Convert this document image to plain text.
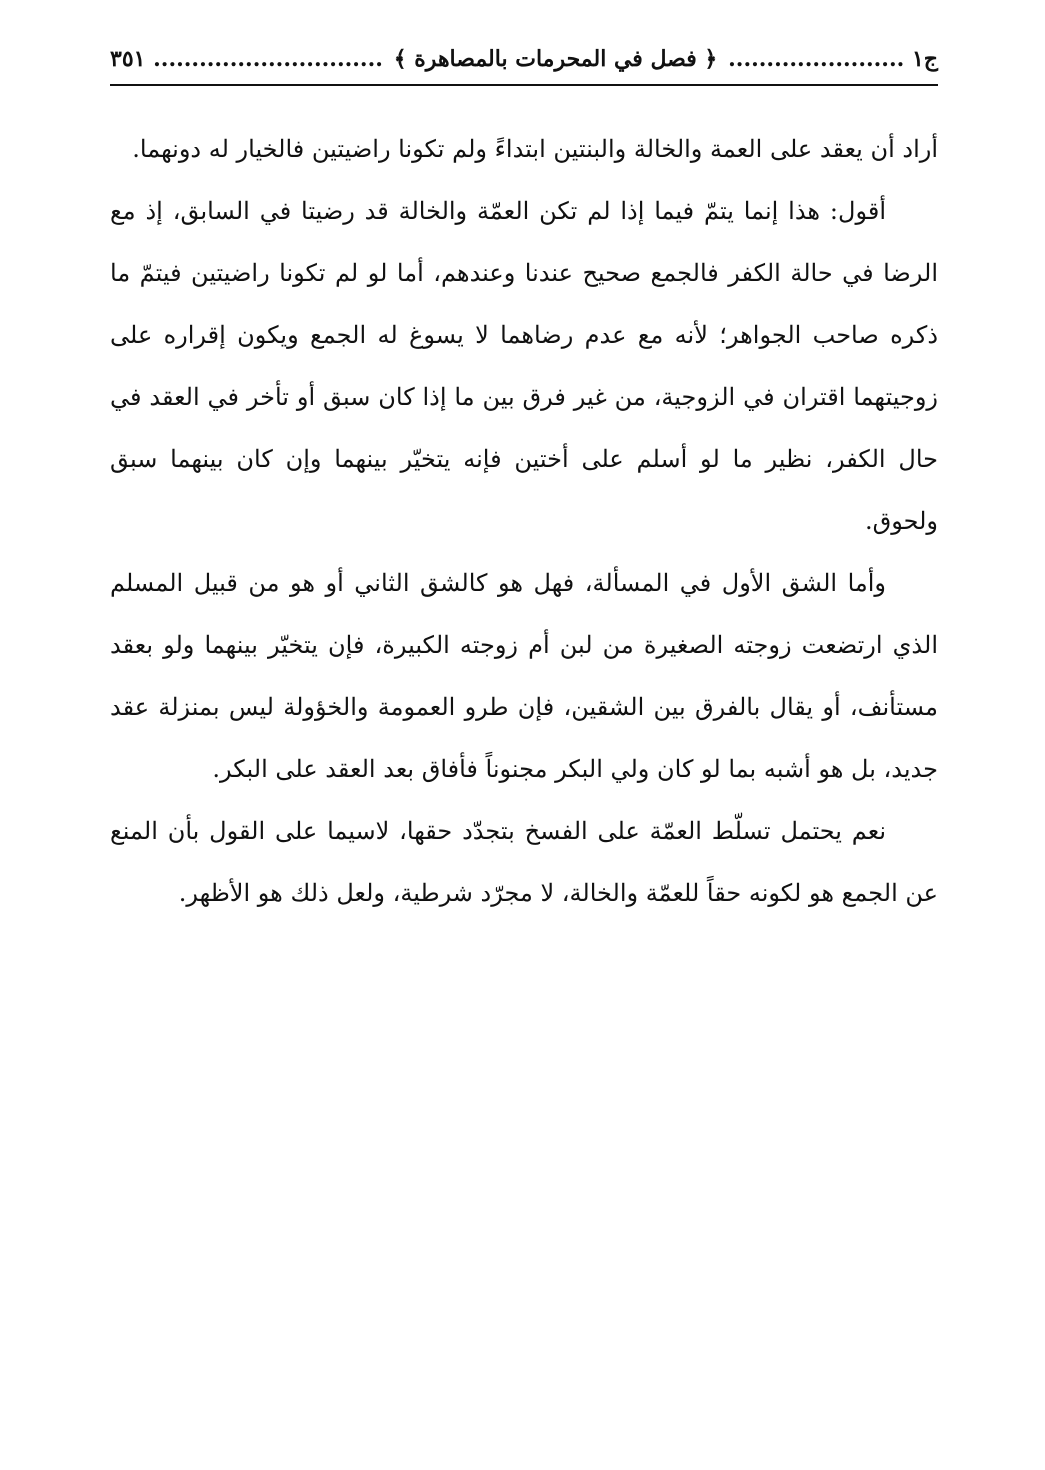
ج١ .......................
﴿ فصل في المحرمات بالمصاهرة ﴾
.............................. ٣٥١

أراد أن يعقد على العمة والخالة والبنتين ابتداءً ولم تكونا راضيتين فالخيار له دونهما.

أقول: هذا إنما يتمّ فيما إذا لم تكن العمّة والخالة قد رضيتا في السابق، إذ مع الرضا في حالة الكفر فالجمع صحيح عندنا وعندهم، أما لو لم تكونا راضيتين فيتمّ ما ذكره صاحب الجواهر؛ لأنه مع عدم رضاهما لا يسوغ له الجمع ويكون إقراره على زوجيتهما اقتران في الزوجية، من غير فرق بين ما إذا كان سبق أو تأخر في العقد في حال الكفر، نظير ما لو أسلم على أختين فإنه يتخيّر بينهما وإن كان بينهما سبق ولحوق.

وأما الشق الأول في المسألة، فهل هو كالشق الثاني أو هو من قبيل المسلم الذي ارتضعت زوجته الصغيرة من لبن أم زوجته الكبيرة، فإن يتخيّر بينهما ولو بعقد مستأنف، أو يقال بالفرق بين الشقين، فإن طرو العمومة والخؤولة ليس بمنزلة عقد جديد، بل هو أشبه بما لو كان ولي البكر مجنوناً فأفاق بعد العقد على البكر.

نعم يحتمل تسلّط العمّة على الفسخ بتجدّد حقها، لاسيما على القول بأن المنع عن الجمع هو لكونه حقاً للعمّة والخالة، لا مجرّد شرطية، ولعل ذلك هو الأظهر.
